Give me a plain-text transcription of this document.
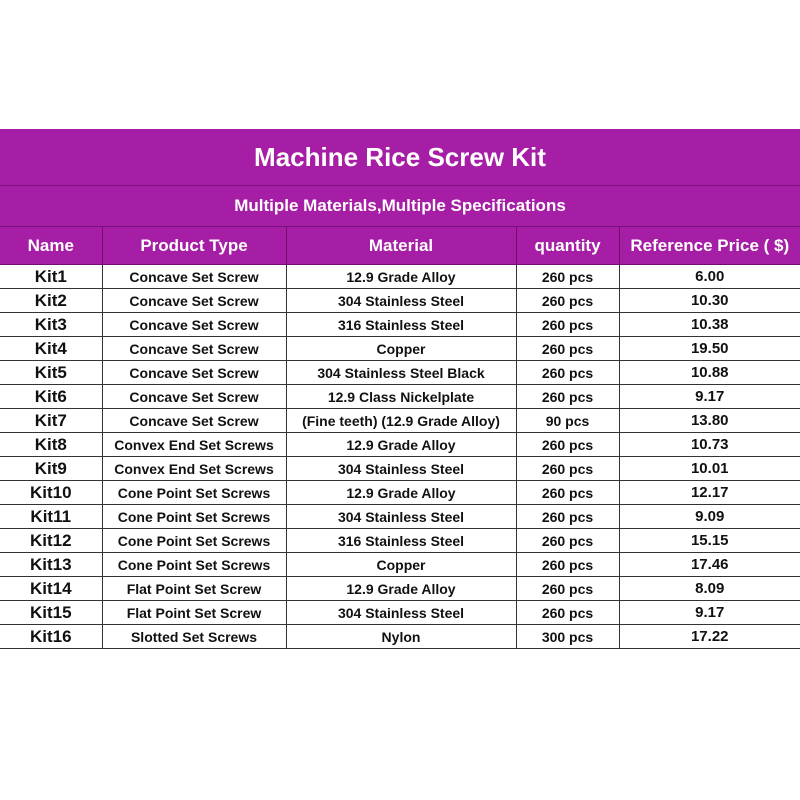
Machine Rice Screw Kit
Multiple Materials,Multiple Specifications
Name	Product Type	Material	quantity	Reference Price ( $)
Kit1	Concave Set Screw	12.9 Grade Alloy	260 pcs	6.00
Kit2	Concave Set Screw	304 Stainless Steel	260 pcs	10.30
Kit3	Concave Set Screw	316 Stainless Steel	260 pcs	10.38
Kit4	Concave Set Screw	Copper	260 pcs	19.50
Kit5	Concave Set Screw	304 Stainless Steel Black	260 pcs	10.88
Kit6	Concave Set Screw	12.9 Class Nickelplate	260 pcs	9.17
Kit7	Concave Set Screw	(Fine teeth) (12.9 Grade Alloy)	90 pcs	13.80
Kit8	Convex End Set Screws	12.9 Grade Alloy	260 pcs	10.73
Kit9	Convex End Set Screws	304 Stainless Steel	260 pcs	10.01
Kit10	Cone Point Set Screws	12.9 Grade Alloy	260 pcs	12.17
Kit11	Cone Point Set Screws	304 Stainless Steel	260 pcs	9.09
Kit12	Cone Point Set Screws	316 Stainless Steel	260 pcs	15.15
Kit13	Cone Point Set Screws	Copper	260 pcs	17.46
Kit14	Flat Point Set Screw	12.9 Grade Alloy	260 pcs	8.09
Kit15	Flat Point Set Screw	304 Stainless Steel	260 pcs	9.17
Kit16	Slotted Set Screws	Nylon	300 pcs	17.22
